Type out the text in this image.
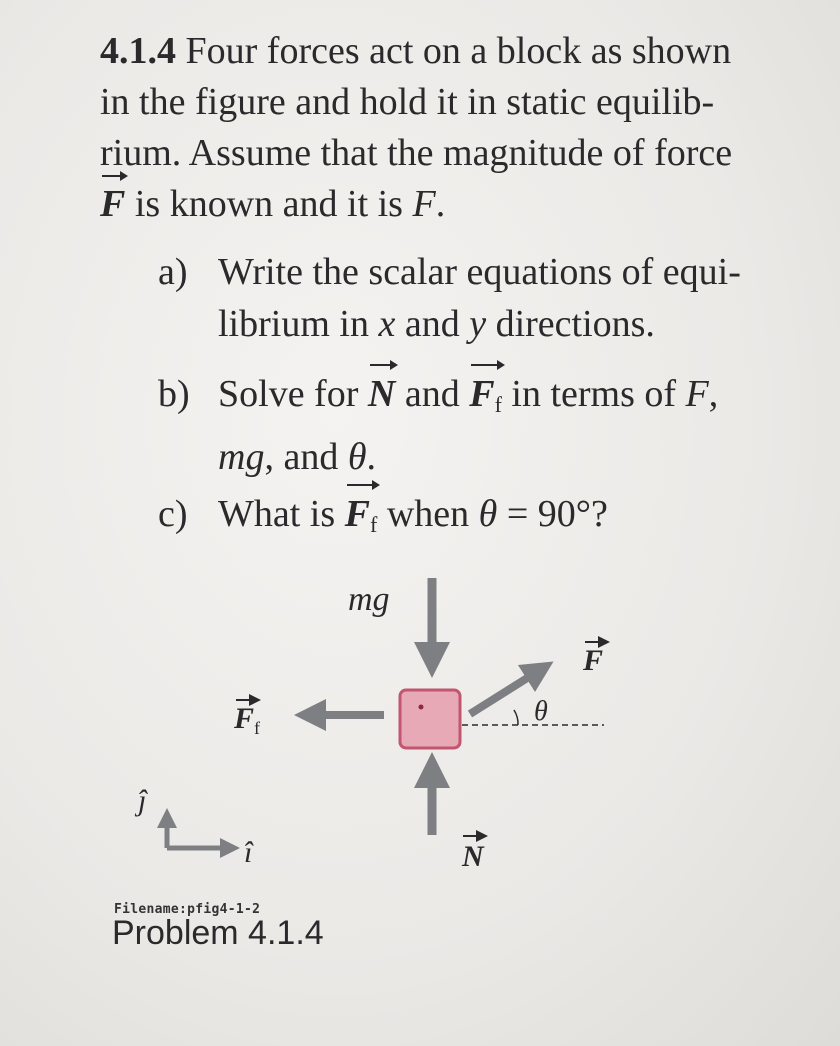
4.1.4 Four forces act on a block as shown
in the figure and hold it in static equilib-
rium. Assume that the magnitude of force
F is known and it is F.
a) Write the scalar equations of equi-
librium in x and y directions.
b) Solve for N and $F_f$ in terms of F,
mg, and θ.
c) What is $F_f$ when θ = 90°?
mg
θ
F
$F_f$
N
ĵ
î
Filename:pfig4-1-2
Problem 4.1.4
